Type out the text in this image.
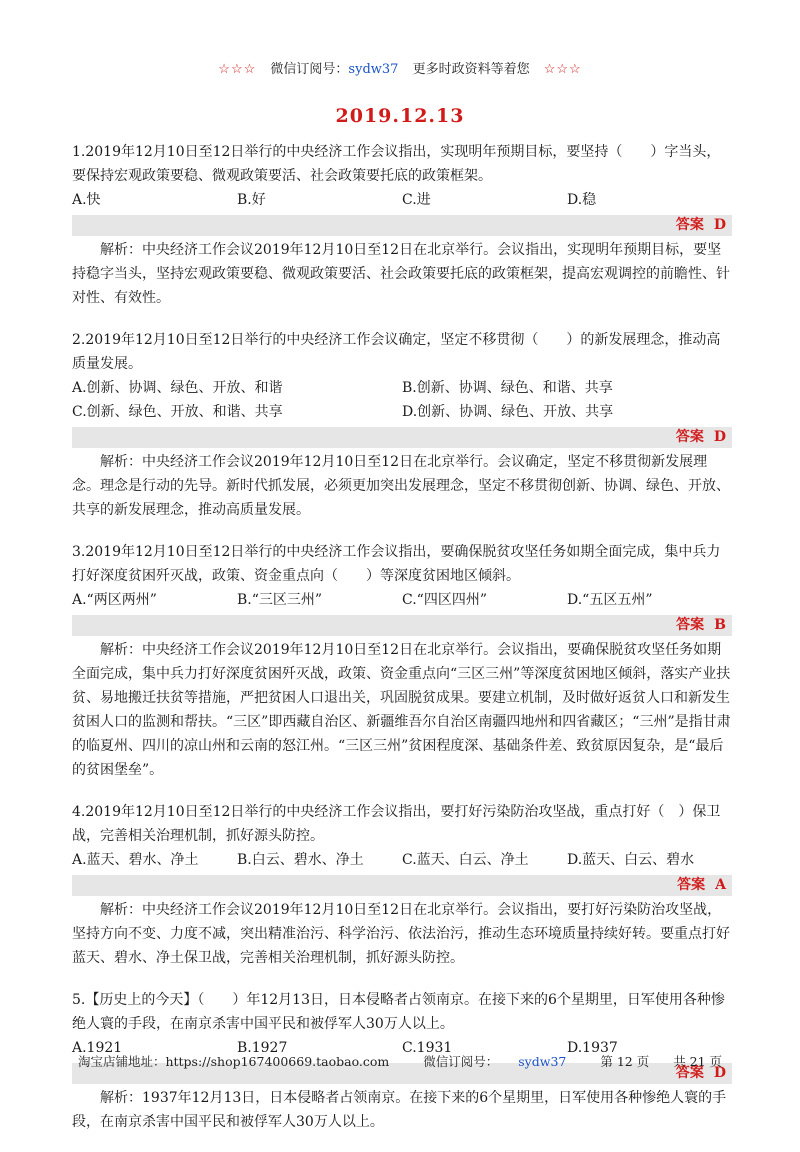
☆☆☆ 微信订阅号：sydw37 更多时政资料等着您 ☆☆☆
2019.12.13

1.2019年12月10日至12日举行的中央经济工作会议指出，实现明年预期目标，要坚持（　　）字当头，要保持宏观政策要稳、微观政策要活、社会政策要托底的政策框架。

A.快	B.好	C.进	D.稳
答案 D

解析：中央经济工作会议2019年12月10日至12日在北京举行。会议指出，实现明年预期目标，要坚持稳字当头，坚持宏观政策要稳、微观政策要活、社会政策要托底的政策框架，提高宏观调控的前瞻性、针对性、有效性。

2.2019年12月10日至12日举行的中央经济工作会议确定，坚定不移贯彻（　　）的新发展理念，推动高质量发展。

A.创新、协调、绿色、开放、和谐	B.创新、协调、绿色、和谐、共享
C.创新、绿色、开放、和谐、共享	D.创新、协调、绿色、开放、共享
答案 D

解析：中央经济工作会议2019年12月10日至12日在北京举行。会议确定，坚定不移贯彻新发展理念。理念是行动的先导。新时代抓发展，必须更加突出发展理念，坚定不移贯彻创新、协调、绿色、开放、共享的新发展理念，推动高质量发展。

3.2019年12月10日至12日举行的中央经济工作会议指出，要确保脱贫攻坚任务如期全面完成，集中兵力打好深度贫困歼灭战，政策、资金重点向（　　）等深度贫困地区倾斜。

A.“两区两州”	B.“三区三州”	C.“四区四州”	D.“五区五州”
答案 B

解析：中央经济工作会议2019年12月10日至12日在北京举行。会议指出，要确保脱贫攻坚任务如期全面完成，集中兵力打好深度贫困歼灭战，政策、资金重点向“三区三州”等深度贫困地区倾斜，落实产业扶贫、易地搬迁扶贫等措施，严把贫困人口退出关，巩固脱贫成果。要建立机制，及时做好返贫人口和新发生贫困人口的监测和帮扶。“三区”即西藏自治区、新疆维吾尔自治区南疆四地州和四省藏区；“三州”是指甘肃的临夏州、四川的凉山州和云南的怒江州。“三区三州”贫困程度深、基础条件差、致贫原因复杂，是“最后的贫困堡垒”。

4.2019年12月10日至12日举行的中央经济工作会议指出，要打好污染防治攻坚战，重点打好（　）保卫战，完善相关治理机制，抓好源头防控。

A.蓝天、碧水、净土	B.白云、碧水、净土	C.蓝天、白云、净土	D.蓝天、白云、碧水
答案 A

解析：中央经济工作会议2019年12月10日至12日在北京举行。会议指出，要打好污染防治攻坚战，坚持方向不变、力度不减，突出精准治污、科学治污、依法治污，推动生态环境质量持续好转。要重点打好蓝天、碧水、净土保卫战，完善相关治理机制，抓好源头防控。

5.【历史上的今天】（　　）年12月13日，日本侵略者占领南京。在接下来的6个星期里，日军使用各种惨绝人寰的手段，在南京杀害中国平民和被俘军人30万人以上。

A.1921	B.1927	C.1931	D.1937
答案 D

解析：1937年12月13日，日本侵略者占领南京。在接下来的6个星期里，日军使用各种惨绝人寰的手段，在南京杀害中国平民和被俘军人30万人以上。

淘宝店铺地址：https://shop167400669.taobao.com	微信订阅号： sydw37	第 12 页 共 21 页
